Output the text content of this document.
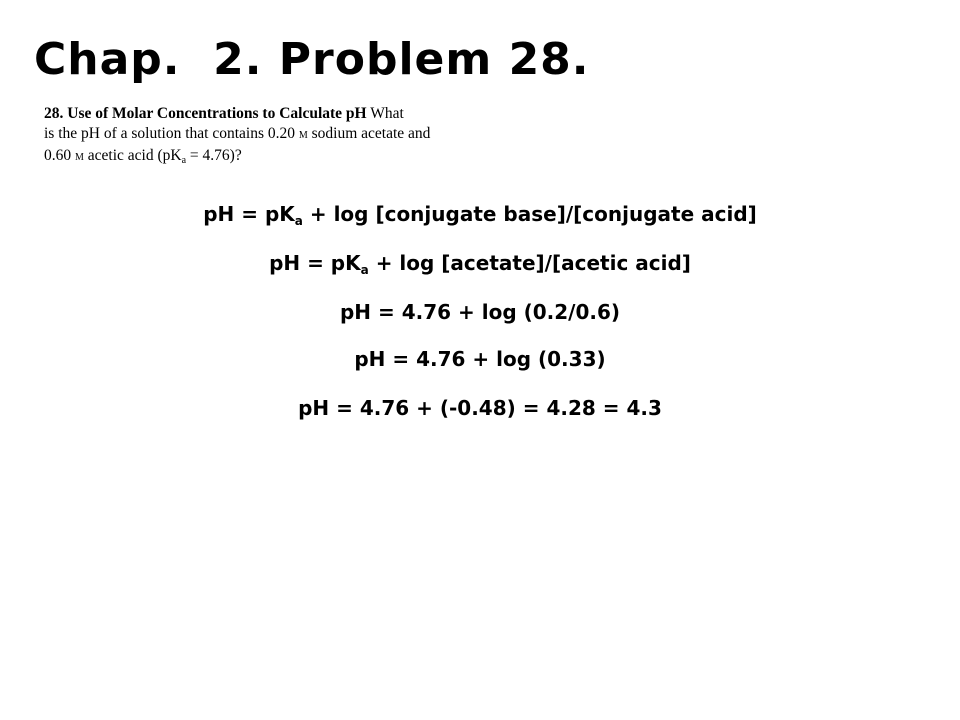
Chap.  2. Problem 28.
28. Use of Molar Concentrations to Calculate pH What
is the pH of a solution that contains 0.20 M sodium acetate and
0.60 M acetic acid (pKa = 4.76)?
pH = $pK_a + \log$ [conjugate base]/[conjugate acid]
pH = $pK_a + \log$ [acetate]/[acetic acid]
pH = 4.76 + log (0.2/0.6)
pH = 4.76 + log (0.33)
pH = 4.76 + (-0.48) = 4.28 = 4.3
